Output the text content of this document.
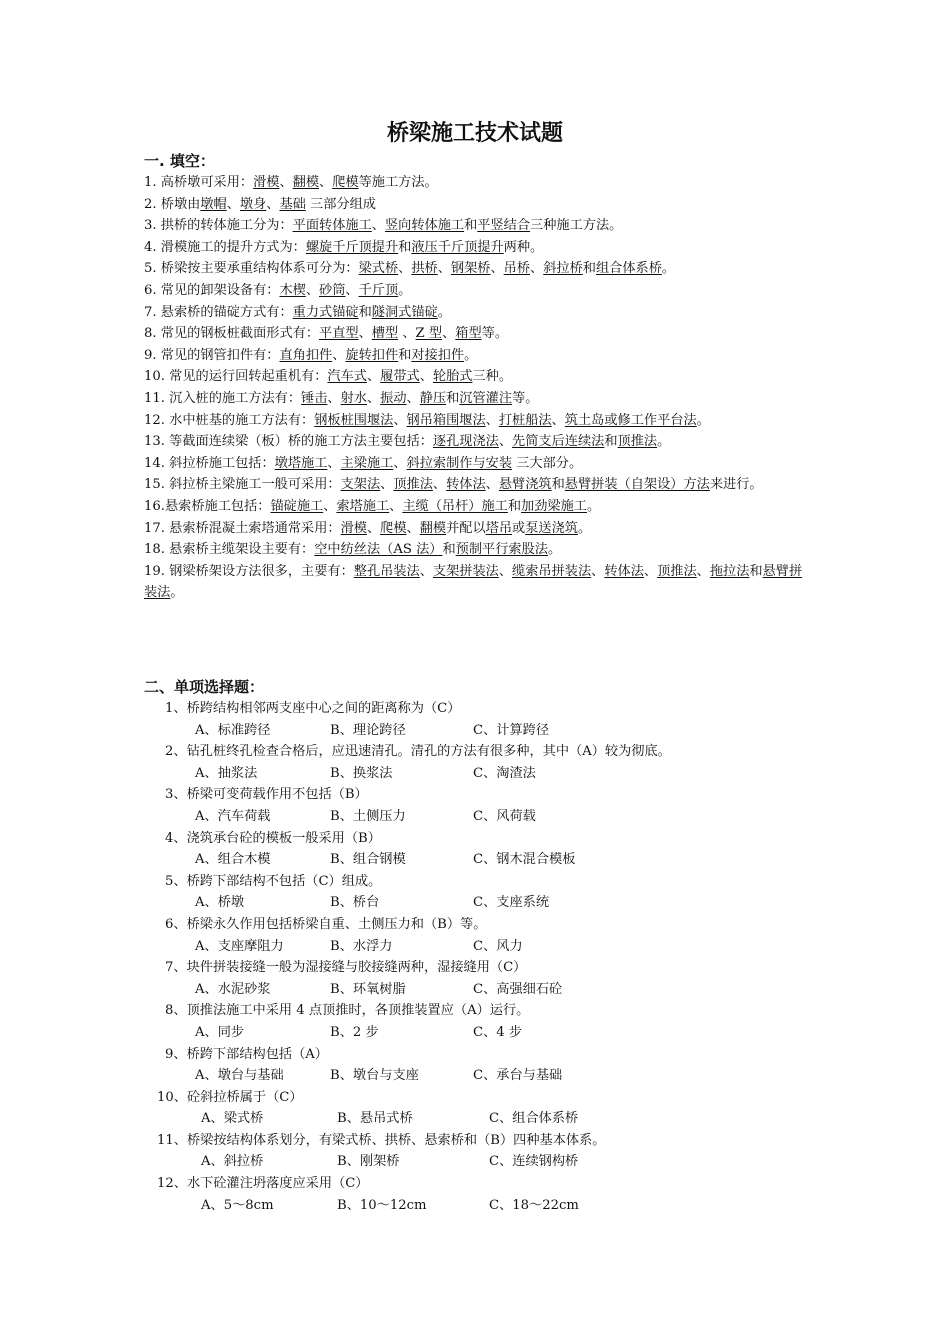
桥梁施工技术试题
一. 填空：

1. 高桥墩可采用：滑模、翻模、爬模等施工方法。

2. 桥墩由墩帽、墩身、基础 三部分组成

3. 拱桥的转体施工分为：平面转体施工、竖向转体施工和平竖结合三种施工方法。

4. 滑模施工的提升方式为：螺旋千斤顶提升和液压千斤顶提升两种。

5. 桥梁按主要承重结构体系可分为：梁式桥、拱桥、钢架桥、吊桥、斜拉桥和组合体系桥。

6. 常见的卸架设备有：木楔、砂筒、千斤顶。

7. 悬索桥的锚碇方式有：重力式锚碇和隧洞式锚碇。

8. 常见的钢板桩截面形式有：平直型、槽型 、Z 型、箱型等。

9. 常见的钢管扣件有：直角扣件、旋转扣件和对接扣件。

10. 常见的运行回转起重机有：汽车式、履带式、轮胎式三种。

11. 沉入桩的施工方法有：锤击、射水、振动、静压和沉管灌注等。

12. 水中桩基的施工方法有：钢板桩围堰法、钢吊箱围堰法、打桩船法、筑土岛或修工作平台法。

13. 等截面连续梁（板）桥的施工方法主要包括：逐孔现浇法、先简支后连续法和顶推法。

14. 斜拉桥施工包括：墩塔施工、主梁施工、斜拉索制作与安装 三大部分。

15. 斜拉桥主梁施工一般可采用：支架法、顶推法、转体法、悬臂浇筑和悬臂拼装（自架设）方法来进行。

16.悬索桥施工包括：锚碇施工、索塔施工、主缆（吊杆）施工和加劲梁施工。

17. 悬索桥混凝土索塔通常采用：滑模、爬模、翻模并配以塔吊或泵送浇筑。

18. 悬索桥主缆架设主要有：空中纺丝法（AS 法）和预制平行索股法。

19. 钢梁桥架设方法很多，主要有：整孔吊装法、支架拼装法、缆索吊拼装法、转体法、顶推法、拖拉法和悬臂拼装法。

二、单项选择题：

1、桥跨结构相邻两支座中心之间的距离称为（C）

A、标准跨径	B、理论跨径	C、计算跨径

2、钻孔桩终孔检查合格后，应迅速清孔。清孔的方法有很多种，其中（A）较为彻底。

A、抽浆法	B、换浆法	C、淘渣法

3、桥梁可变荷载作用不包括（B）

A、汽车荷载	B、土侧压力	C、风荷载

4、浇筑承台砼的模板一般采用（B）

A、组合木模	B、组合钢模	C、钢木混合模板

5、桥跨下部结构不包括（C）组成。

A、桥墩	B、桥台	C、支座系统

6、桥梁永久作用包括桥梁自重、土侧压力和（B）等。

A、支座摩阻力	B、水浮力	C、风力

7、块件拼装接缝一般为湿接缝与胶接缝两种，湿接缝用（C）

A、水泥砂浆	B、环氧树脂	C、高强细石砼

8、顶推法施工中采用 4 点顶推时，各顶推装置应（A）运行。

A、同步	B、2 步	C、4 步

9、桥跨下部结构包括（A）

A、墩台与基础	B、墩台与支座	C、承台与基础

10、砼斜拉桥属于（C）

A、梁式桥	B、悬吊式桥	C、组合体系桥

11、桥梁按结构体系划分，有梁式桥、拱桥、悬索桥和（B）四种基本体系。

A、斜拉桥	B、刚架桥	C、连续钢构桥

12、水下砼灌注坍落度应采用（C）

A、5～8cm	B、10～12cm	C、18～22cm
